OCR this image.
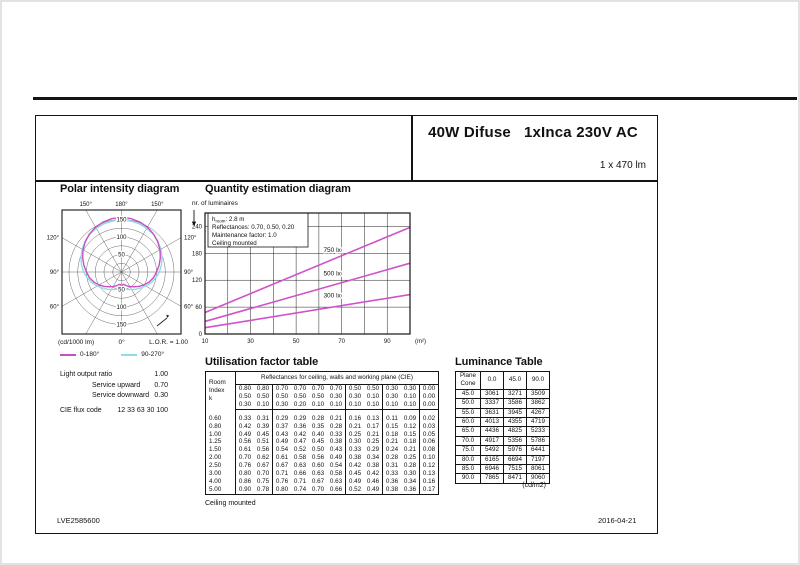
40W Difuse 1xInca 230V AC
1 x 470 lm
Polar intensity diagram
50
50
100
100
150
150
150°	180°	150°
120°
90°
60°
120°
90°
60°
(cd/1000 lm)	0°	L.O.R. = 1.00
0-180°	90-270°
Light output ratio	1.00
Service upward 0.70
Service downward 0.30
CIE flux code 12 33 63 30 100
Quantity estimation diagram
750 lx
500 lx
300 lx
$h_{room}$: 2.8 m
Reflectances: 0.70, 0.50, 0.20
Maintenance factor: 1.0
Ceiling mounted
nr. of luminaires
0
60
120
180
240
10	30	50	70	90	(m²)
Utilisation factor table
Room
Index
k	Reflectances for ceiling, walls and working plane (CIE)										
	0.80	0.80	0.70	0.70	0.70	0.70	0.50	0.50	0.30	0.30	0.00
	0.50	0.50	0.50	0.50	0.50	0.30	0.30	0.10	0.30	0.10	0.00
	0.30	0.10	0.30	0.20	0.10	0.10	0.10	0.10	0.10	0.10	0.00

0.60	0.33	0.31	0.29	0.29	0.28	0.21	0.16	0.13	0.11	0.09	0.02
0.80	0.42	0.39	0.37	0.36	0.35	0.28	0.21	0.17	0.15	0.12	0.03
1.00	0.49	0.45	0.43	0.42	0.40	0.33	0.25	0.21	0.18	0.15	0.05
1.25	0.56	0.51	0.49	0.47	0.45	0.38	0.30	0.25	0.21	0.18	0.06
1.50	0.61	0.56	0.54	0.52	0.50	0.43	0.33	0.29	0.24	0.21	0.08
2.00	0.70	0.62	0.61	0.58	0.56	0.49	0.38	0.34	0.28	0.25	0.10
2.50	0.76	0.67	0.67	0.63	0.60	0.54	0.42	0.38	0.31	0.28	0.12
3.00	0.80	0.70	0.71	0.66	0.63	0.58	0.45	0.42	0.33	0.30	0.13
4.00	0.86	0.75	0.76	0.71	0.67	0.63	0.49	0.46	0.36	0.34	0.16
5.00	0.90	0.78	0.80	0.74	0.70	0.66	0.52	0.49	0.38	0.36	0.17
Ceiling mounted
Luminance Table
Plane
Cone	0.0	45.0	90.0
45.0	3061	3271	3509
50.0	3337	3586	3862
55.0	3631	3945	4267
60.0	4013	4355	4719
65.0	4436	4825	5233
70.0	4917	5356	5786
75.0	5492	5976	6441
80.0	6165	6694	7197
85.0	6946	7515	8061
90.0	7865	8471	9060
(cd/m2)
LVE2585600	2016-04-21
